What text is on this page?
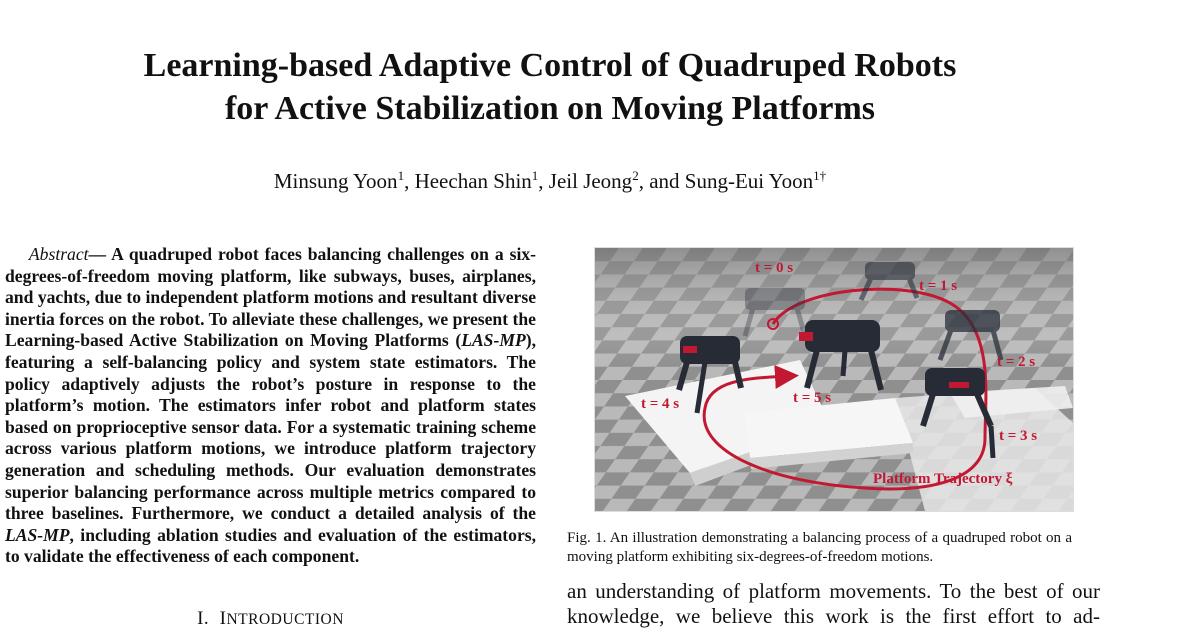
Learning-based Adaptive Control of Quadruped Robots
for Active Stabilization on Moving Platforms
Minsung Yoon$^1$, Heechan Shin$^1$, Jeil Jeong$^2$, and Sung-Eui Yoon$^{1\dagger}$
Abstract— A quadruped robot faces balancing challenges on a six-degrees-of-freedom moving platform, like subways, buses, airplanes, and yachts, due to independent platform motions and resultant diverse inertia forces on the robot. To alleviate these challenges, we present the Learning-based Active Stabilization on Moving Platforms (LAS-MP), featuring a self-balancing policy and system state estimators. The policy adaptively adjusts the robot’s posture in response to the platform’s motion. The estimators infer robot and platform states based on proprioceptive sensor data. For a systematic training scheme across various platform motions, we introduce platform trajectory generation and scheduling methods. Our evaluation demonstrates superior balancing performance across multiple metrics compared to three baselines. Furthermore, we conduct a detailed analysis of the LAS-MP, including ablation studies and evaluation of the estimators, to validate the effectiveness of each component.
I. INTRODUCTION
t = 0 s
t = 1 s
t = 2 s
t = 3 s
t = 4 s	t = 5 s
Platform Trajectory ξ
Fig. 1. An illustration demonstrating a balancing process of a quadruped robot on a moving platform exhibiting six-degrees-of-freedom motions.
an understanding of platform movements. To the best of our
knowledge, we believe this work is the first effort to ad-
